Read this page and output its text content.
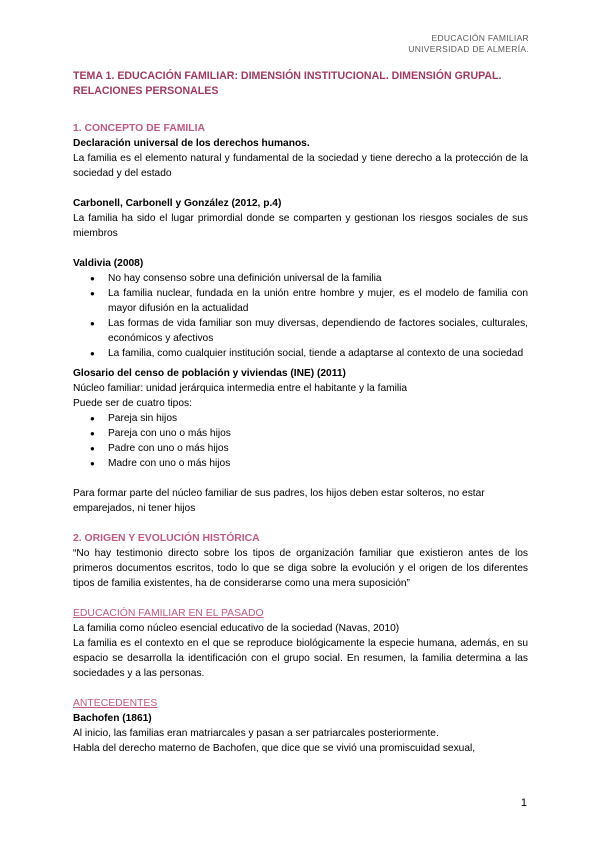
EDUCACIÓN FAMILIAR
UNIVERSIDAD DE ALMERÍA.
TEMA 1. EDUCACIÓN FAMILIAR: DIMENSIÓN INSTITUCIONAL. DIMENSIÓN GRUPAL. RELACIONES PERSONALES
1. CONCEPTO DE FAMILIA
Declaración universal de los derechos humanos.
La familia es el elemento natural y fundamental de la sociedad y tiene derecho a la protección de la sociedad y del estado
Carbonell, Carbonell y González (2012, p.4)
La familia ha sido el lugar primordial donde se comparten y gestionan los riesgos sociales de sus miembros
Valdivia (2008)
● No hay consenso sobre una definición universal de la familia
● La familia nuclear, fundada en la unión entre hombre y mujer, es el modelo de familia con mayor difusión en la actualidad
● Las formas de vida familiar son muy diversas, dependiendo de factores sociales, culturales, económicos y afectivos
● La familia, como cualquier institución social, tiende a adaptarse al contexto de una sociedad
Glosario del censo de población y viviendas (INE) (2011)
Núcleo familiar: unidad jerárquica intermedia entre el habitante y la familia
Puede ser de cuatro tipos:
● Pareja sin hijos
● Pareja con uno o más hijos
● Padre con uno o más hijos
● Madre con uno o más hijos
Para formar parte del núcleo familiar de sus padres, los hijos deben estar solteros, no estar emparejados, ni tener hijos
2. ORIGEN Y EVOLUCIÓN HISTÓRICA
“No hay testimonio directo sobre los tipos de organización familiar que existieron antes de los primeros documentos escritos, todo lo que se diga sobre la evolución y el origen de los diferentes tipos de familia existentes, ha de considerarse como una mera suposición”
EDUCACIÓN FAMILIAR EN EL PASADO
La familia como núcleo esencial educativo de la sociedad (Navas, 2010)
La familia es el contexto en el que se reproduce biológicamente la especie humana, además, en su espacio se desarrolla la identificación con el grupo social. En resumen, la familia determina a las sociedades y a las personas.
ANTECEDENTES
Bachofen (1861)
Al inicio, las familias eran matriarcales y pasan a ser patriarcales posteriormente.
Habla del derecho materno de Bachofen, que dice que se vivió una promiscuidad sexual,
1
